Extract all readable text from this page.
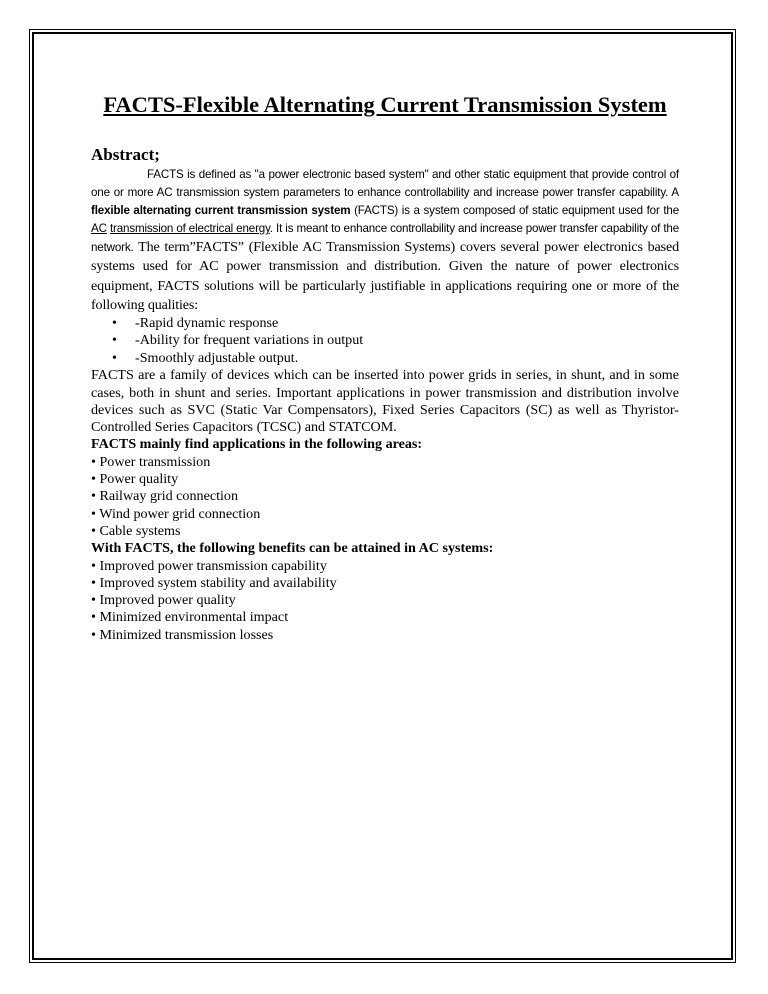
FACTS-Flexible Alternating Current Transmission System
Abstract;

FACTS is defined as "a power electronic based system" and other static equipment that provide control of one or more AC transmission system parameters to enhance controllability and increase power transfer capability. A flexible alternating current transmission system (FACTS) is a system composed of static equipment used for the AC transmission of electrical energy. It is meant to enhance controllability and increase power transfer capability of the network. The term”FACTS” (Flexible AC Transmission Systems) covers several power electronics based systems used for AC power transmission and distribution. Given the nature of power electronics equipment, FACTS solutions will be particularly justifiable in applications requiring one or more of the following qualities:

• -Rapid dynamic response
• -Ability for frequent variations in output
• -Smoothly adjustable output.

FACTS are a family of devices which can be inserted into power grids in series, in shunt, and in some cases, both in shunt and series. Important applications in power transmission and distribution involve devices such as SVC (Static Var Compensators), Fixed Series Capacitors (SC) as well as Thyristor-Controlled Series Capacitors (TCSC) and STATCOM.

FACTS mainly find applications in the following areas:

• Power transmission
• Power quality
• Railway grid connection
• Wind power grid connection
• Cable systems

With FACTS, the following benefits can be attained in AC systems:

• Improved power transmission capability
• Improved system stability and availability
• Improved power quality
• Minimized environmental impact
• Minimized transmission losses
